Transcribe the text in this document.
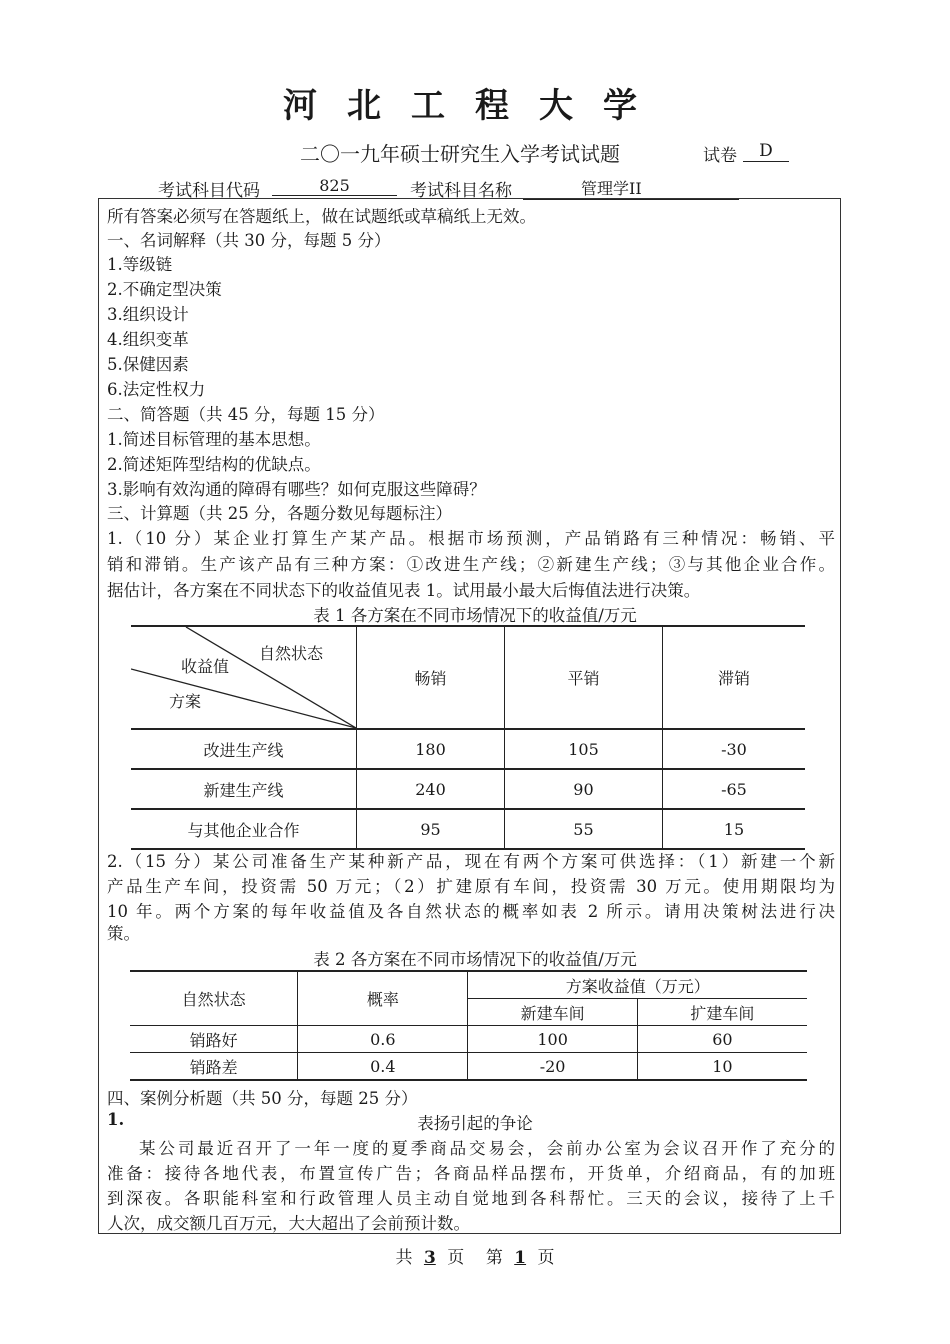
河北工程大学
二〇一九年硕士研究生入学考试试题	试卷	D
考试科目代码	825	考试科目名称	管理学II
所有答案必须写在答题纸上，做在试题纸或草稿纸上无效。
一、名词解释（共 30 分，每题 5 分）
1.等级链
2.不确定型决策
3.组织设计
4.组织变革
5.保健因素
6.法定性权力
二、简答题（共 45 分，每题 15 分）
1.简述目标管理的基本思想。
2.简述矩阵型结构的优缺点。
3.影响有效沟通的障碍有哪些？如何克服这些障碍？
三、计算题（共 25 分，各题分数见每题标注）
1.（10 分）某企业打算生产某产品。根据市场预测，产品销路有三种情况：畅销、平
销和滞销。生产该产品有三种方案：①改进生产线；②新建生产线；③与其他企业合作。
据估计，各方案在不同状态下的收益值见表 1。试用最小最大后悔值法进行决策。
表 1 各方案在不同市场情况下的收益值/万元
自然状态
收益值
方案	畅销	平销	滞销
改进生产线	180	105	-30
新建生产线	240	90	-65
与其他企业合作	95	55	15
2.（15 分）某公司准备生产某种新产品，现在有两个方案可供选择：（1）新建一个新
产品生产车间，投资需 50 万元；（2）扩建原有车间，投资需 30 万元。使用期限均为
10 年。两个方案的每年收益值及各自然状态的概率如表 2 所示。请用决策树法进行决
策。
表 2 各方案在不同市场情况下的收益值/万元
自然状态	概率	方案收益值（万元）	
		新建车间	扩建车间
销路好	0.6	100	60
销路差	0.4	-20	10
四、案例分析题（共 50 分，每题 25 分）
1.	表扬引起的争论
某公司最近召开了一年一度的夏季商品交易会，会前办公室为会议召开作了充分的
准备：接待各地代表，布置宣传广告；各商品样品摆布，开货单，介绍商品，有的加班
到深夜。各职能科室和行政管理人员主动自觉地到各科帮忙。三天的会议，接待了上千
人次，成交额几百万元，大大超出了会前预计数。
共 3 页 第 1 页
